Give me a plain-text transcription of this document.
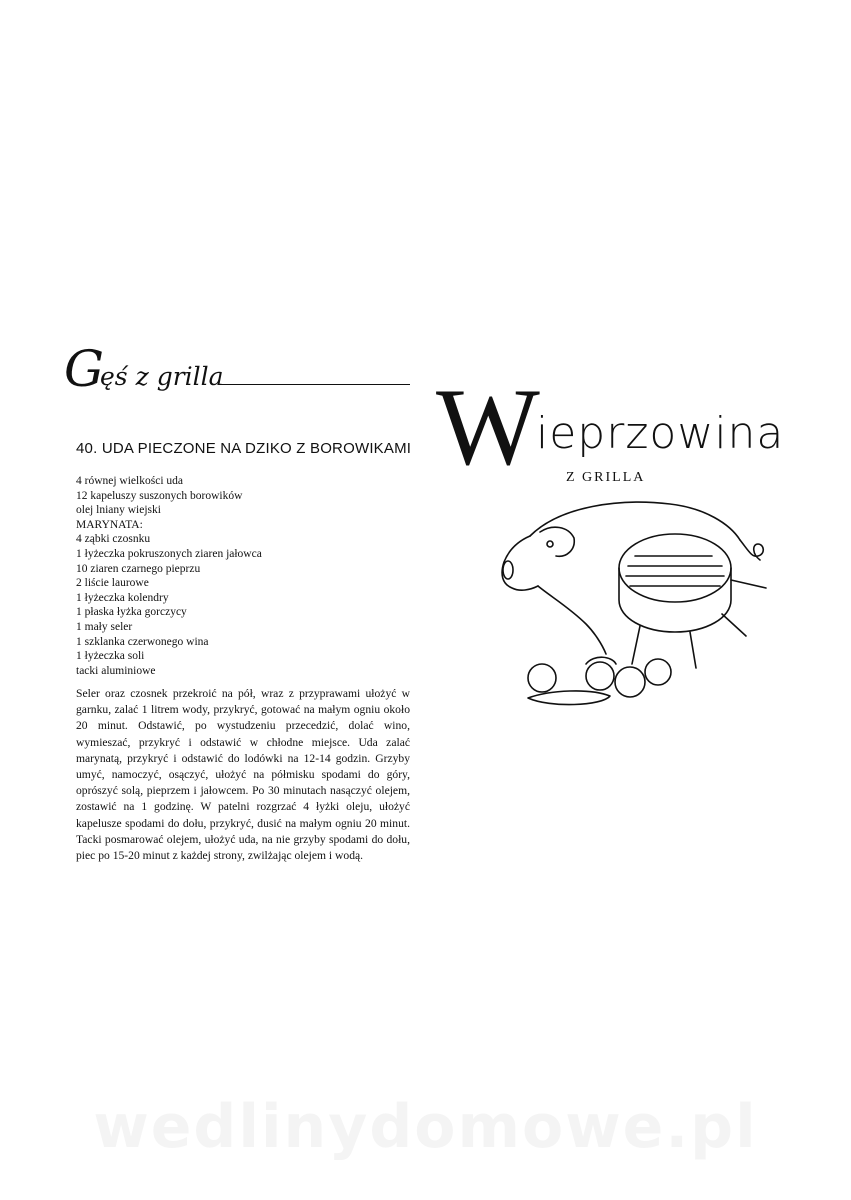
G
ęś z grilla
40. UDA PIECZONE NA DZIKO Z BOROWIKAMI
4 równej wielkości uda
12 kapeluszy suszonych borowików
olej lniany wiejski
MARYNATA:
4 ząbki czosnku
1 łyżeczka pokruszonych ziaren jałowca
10 ziaren czarnego pieprzu
2 liście laurowe
1 łyżeczka kolendry
1 płaska łyżka gorczycy
1 mały seler
1 szklanka czerwonego wina
1 łyżeczka soli
tacki aluminiowe

Seler oraz czosnek przekroić na pół, wraz z przyprawami ułożyć w garnku, zalać 1 litrem wody, przykryć, gotować na małym ogniu około 20 minut. Odstawić, po wystudzeniu przecedzić, dolać wino, wymieszać, przykryć i odstawić w chłodne miejsce. Uda zalać marynatą, przykryć i odstawić do lodówki na 12-14 godzin. Grzyby umyć, namoczyć, osączyć, ułożyć na półmisku spodami do góry, oprószyć solą, pieprzem i jałowcem. Po 30 minutach nasączyć olejem, zostawić na 1 godzinę. W patelni rozgrzać 4 łyżki oleju, ułożyć kapelusze spodami do dołu, przykryć, dusić na małym ogniu 20 minut. Tacki posmarować olejem, ułożyć uda, na nie grzyby spodami do dołu, piec po 15-20 minut z każdej strony, zwilżając olejem i wodą.

W
ieprzowina
Z GRILLA
wedlinydomowe.pl
